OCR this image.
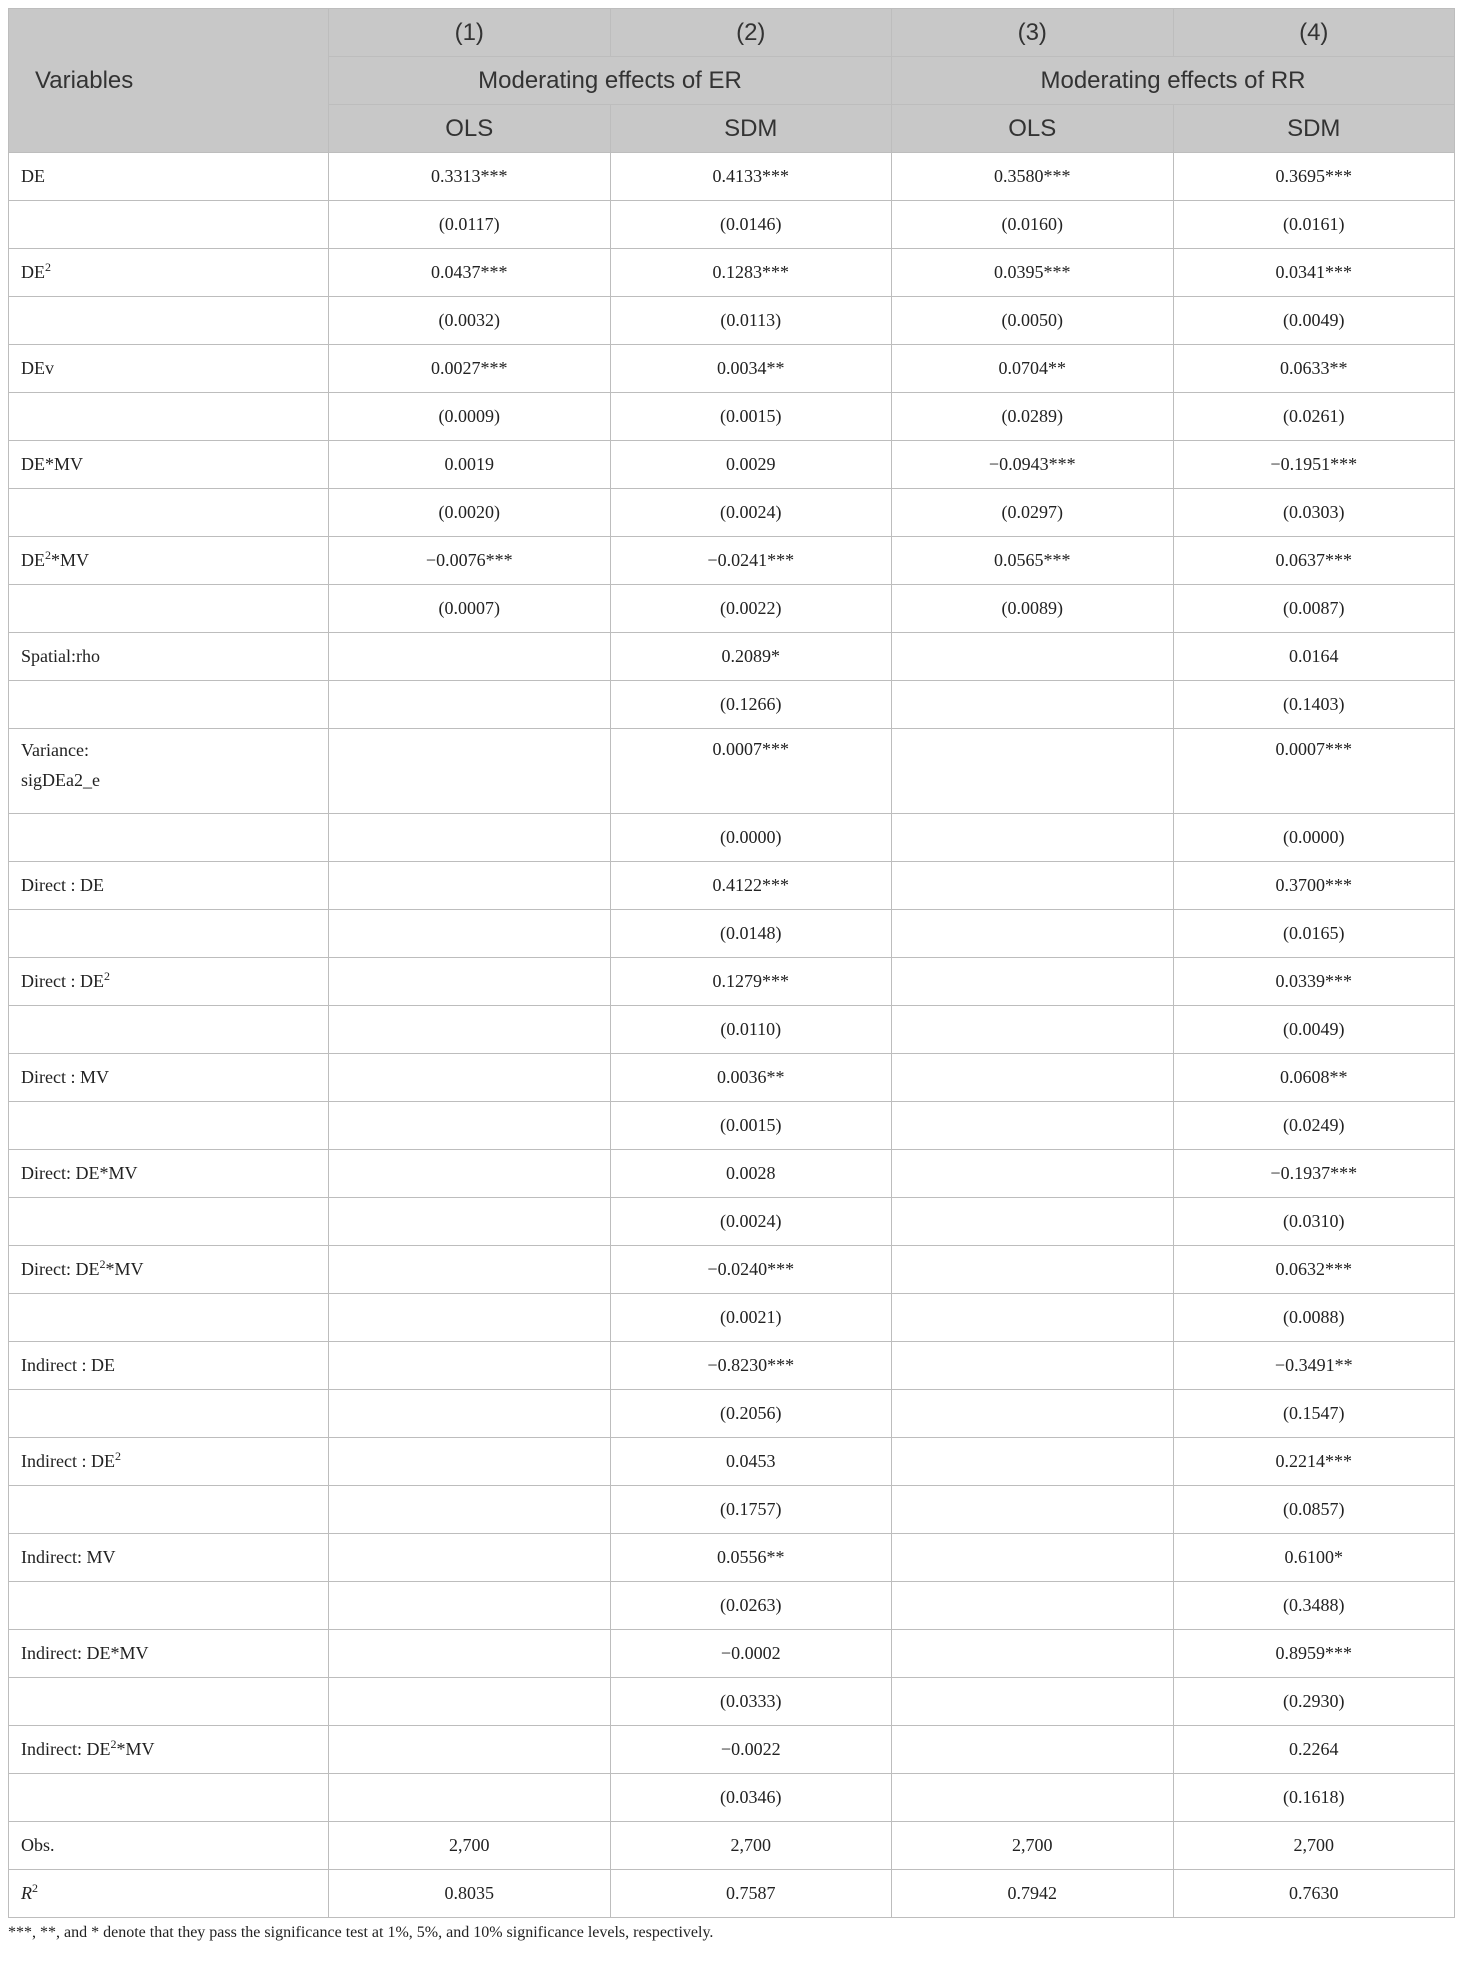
Variables	(1)	(2)	(3)	(4)
	Moderating effects of ER		Moderating effects of RR	
	OLS	SDM	OLS	SDM
DE	0.3313***	0.4133***	0.3580***	0.3695***
	(0.0117)	(0.0146)	(0.0160)	(0.0161)
$DE^2$	0.0437***	0.1283***	0.0395***	0.0341***
	(0.0032)	(0.0113)	(0.0050)	(0.0049)
DEv	0.0027***	0.0034**	0.0704**	0.0633**
	(0.0009)	(0.0015)	(0.0289)	(0.0261)
DE*MV	0.0019	0.0029	−0.0943***	−0.1951***
	(0.0020)	(0.0024)	(0.0297)	(0.0303)
$DE^2*MV$	−0.0076***	−0.0241***	0.0565***	0.0637***
	(0.0007)	(0.0022)	(0.0089)	(0.0087)
Spatial:rho		0.2089*		0.0164
		(0.1266)		(0.1403)
Variance:
sigDEa2_e		0.0007***		0.0007***
		(0.0000)		(0.0000)
Direct : DE		0.4122***		0.3700***
		(0.0148)		(0.0165)
Direct : $DE^2$		0.1279***		0.0339***
		(0.0110)		(0.0049)
Direct : MV		0.0036**		0.0608**
		(0.0015)		(0.0249)
Direct: DE*MV		0.0028		−0.1937***
		(0.0024)		(0.0310)
Direct: $DE^2*MV$		−0.0240***		0.0632***
		(0.0021)		(0.0088)
Indirect : DE		−0.8230***		−0.3491**
		(0.2056)		(0.1547)
Indirect : $DE^2$		0.0453		0.2214***
		(0.1757)		(0.0857)
Indirect: MV		0.0556**		0.6100*
		(0.0263)		(0.3488)
Indirect: DE*MV		−0.0002		0.8959***
		(0.0333)		(0.2930)
Indirect: $DE^2*MV$		−0.0022		0.2264
		(0.0346)		(0.1618)
Obs.	2,700	2,700	2,700	2,700
$R^2$	0.8035	0.7587	0.7942	0.7630
***, **, and * denote that they pass the significance test at 1%, 5%, and 10% significance levels, respectively.
